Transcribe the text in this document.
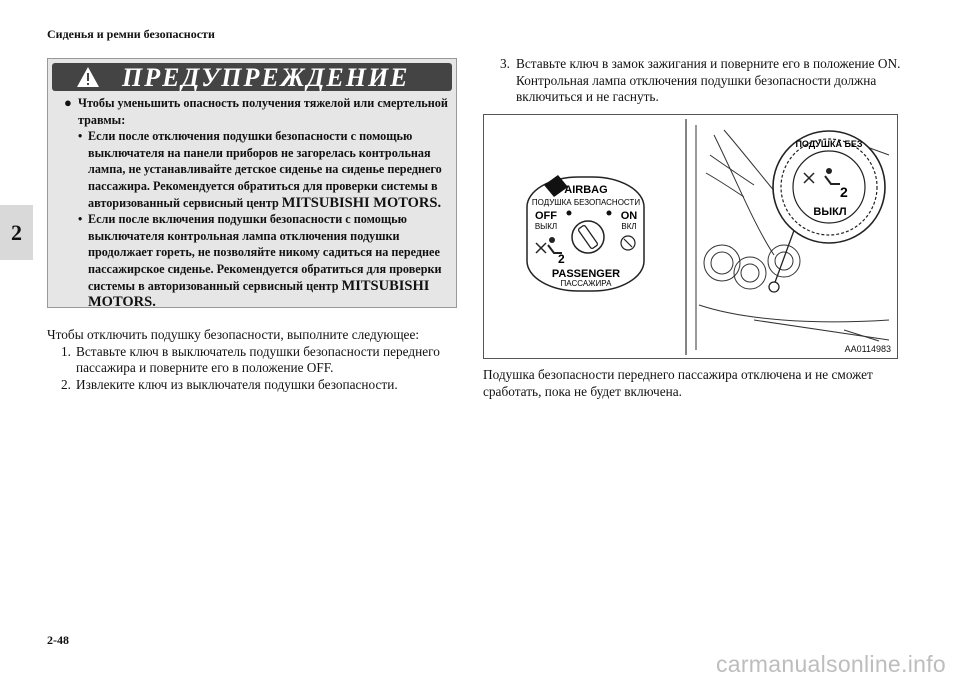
Сиденья и ремни безопасности
2
ПРЕДУПРЕЖДЕНИЕ
● Чтобы уменьшить опасность получения тяжелой или смертельной травмы:
• Если после отключения подушки безопасности с помощью выключателя на панели приборов не загорелась контрольная лампа, не устанавливайте детское сиденье на сиденье переднего пассажира. Рекомендуется обратиться для проверки системы в авторизованный сервисный центр MITSUBISHI MOTORS.
• Если после включения подушки безопасности с помощью выключателя контрольная лампа отключения подушки продолжает гореть, не позволяйте никому садиться на переднее пассажирское сиденье. Рекомендуется обратиться для проверки системы в авторизованный сервисный центр MITSUBISHI MOTORS.
Чтобы отключить подушку безопасности, выполните следующее:
1. Вставьте ключ в выключатель подушки безопасности переднего пассажира и поверните его в положение OFF.
2. Извлеките ключ из выключателя подушки безопасности.
3. Вставьте ключ в замок зажигания и поверните его в положение ON. Контрольная лампа отключения подушки безопасности должна включиться и не гаснуть.
AIRBAG
ПОДУШКА БЕЗОПАСНОСТИ
OFF
ВЫКЛ
ON
ВКЛ
2
PASSENGER
ПАССАЖИРА
ПОДУШКА БЕЗ
2
ВЫКЛ
AA0114983
Подушка безопасности переднего пассажира отключена и не сможет сработать, пока не будет включена.
2-48
carmanualsonline.info
